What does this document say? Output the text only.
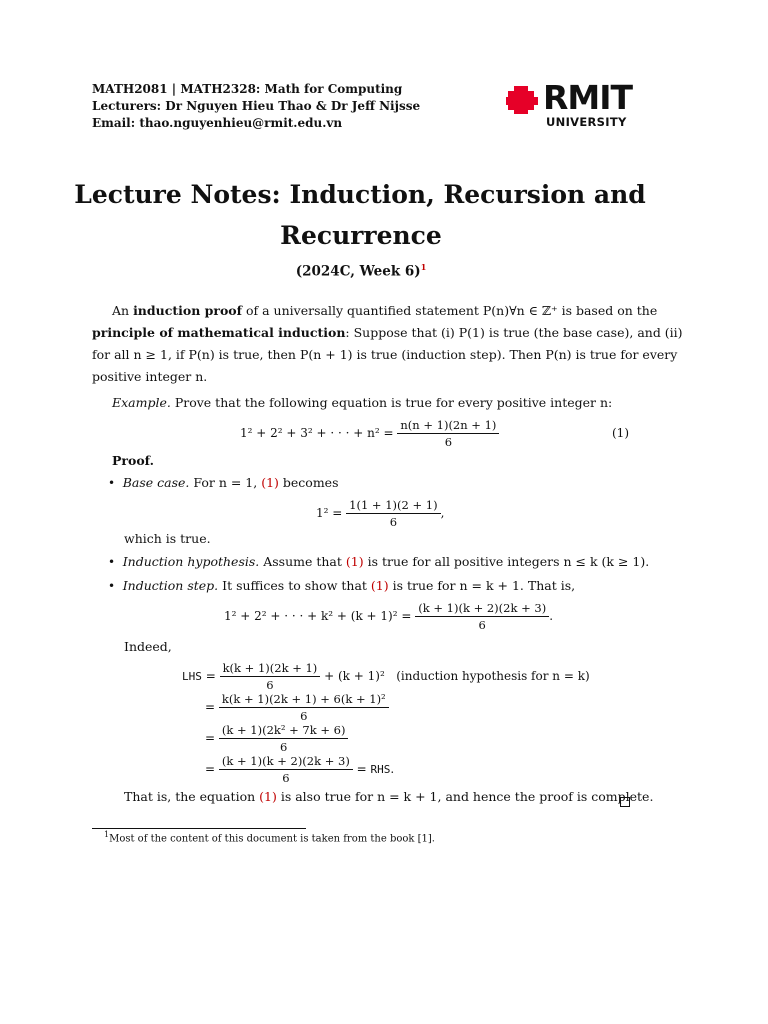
MATH2081 | MATH2328: Math for Computing
Lecturers: Dr Nguyen Hieu Thao & Dr Jeff Nijsse
Email: thao.nguyenhieu@rmit.edu.vn
RMIT
UNIVERSITY
Lecture Notes: Induction, Recursion and
Recurrence
(2024C, Week 6)$^1$
An induction proof of a universally quantified statement P(n)∀n ∈ ℤ⁺ is based on the
principle of mathematical induction: Suppose that (i) P(1) is true (the base case), and (ii)
for all n ≥ 1, if P(n) is true, then P(n + 1) is true (induction step). Then P(n) is true for every
positive integer n.
Example. Prove that the following equation is true for every positive integer n:
1² + 2² + 3² + · · · + $n^2 = \frac{n(n + 1)(2n + 1)}{6}$	(1)
Proof.
•  Base case. For n = 1, (1) becomes
$1^2 = \frac{1(1 + 1)(2 + 1)}{6}$ ,
which is true.
•  Induction hypothesis. Assume that (1) is true for all positive integers n ≤ k (k ≥ 1).
•  Induction step. It suffices to show that (1) is true for n = k + 1. That is,
1² + 2² + · · · + $k^2 + (k + 1)^2 = \frac{(k + 1)(k + 2)(2k + 3)}{6}$ .
Indeed,
LHS = $\frac{k(k + 1)(2k + 1)}{6} + (k + 1)^2$ (induction hypothesis for n = k)
= $\frac{\text{k(k + 1)(2k + 1) + 6(k + 1)²}}{6}$
= $\frac{\text{(k + 1)(2k² + 7k + 6)}}{6}$
= $\frac{(k + 1)(k + 2)(2k + 3)}{6}$ = RHS.
That is, the equation (1) is also true for n = k + 1, and hence the proof is complete.
$^1$Most of the content of this document is taken from the book [1].
